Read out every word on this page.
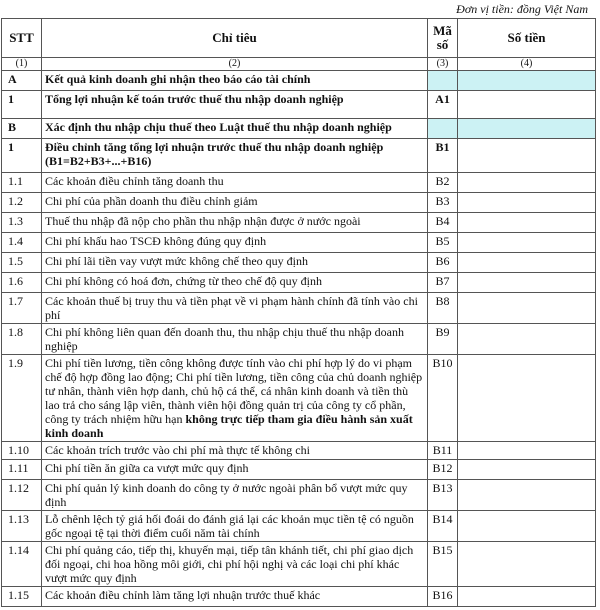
Đơn vị tiền: đồng Việt Nam
STT	Chỉ tiêu	Mã số	Số tiền
(1)	(2)	(3)	(4)
A	Kết quả kinh doanh ghi nhận theo báo cáo tài chính		
1	Tổng lợi nhuận kế toán trước thuế thu nhập doanh nghiệp	A1	
B	Xác định thu nhập chịu thuế theo Luật thuế thu nhập doanh nghiệp		
1	Điều chỉnh tăng tổng lợi nhuận trước thuế thu nhập doanh nghiệp (B1=B2+B3+...+B16)	B1	
1.1	Các khoản điều chỉnh tăng doanh thu	B2	
1.2	Chi phí của phần doanh thu điều chỉnh giảm	B3	
1.3	Thuế thu nhập đã nộp cho phần thu nhập nhận được ở nước ngoài	B4	
1.4	Chi phí khấu hao TSCĐ không đúng quy định	B5	
1.5	Chi phí lãi tiền vay vượt mức không chế theo quy định	B6	
1.6	Chi phí không có hoá đơn, chứng từ theo chế độ quy định	B7	
1.7	Các khoản thuế bị truy thu và tiền phạt về vi phạm hành chính đã tính vào chi phí	B8	
1.8	Chi phí không liên quan đến doanh thu, thu nhập chịu thuế thu nhập doanh nghiệp	B9	
1.9	Chi phí tiền lương, tiền công không được tính vào chi phí hợp lý do vi phạm chế độ hợp đồng lao động; Chi phí tiền lương, tiền công của chủ doanh nghiệp tư nhân, thành viên hợp danh, chủ hộ cá thể, cá nhân kinh doanh và tiền thù lao trả cho sáng lập viên, thành viên hội đồng quản trị của công ty cổ phần, công ty trách nhiệm hữu hạn không trực tiếp tham gia điều hành sản xuất kinh doanh	B10	
1.10	Các khoản trích trước vào chi phí mà thực tế không chi	B11	
1.11	Chi phí tiền ăn giữa ca vượt mức quy định	B12	
1.12	Chi phí quản lý kinh doanh do công ty ở nước ngoài phân bổ vượt mức quy định	B13	
1.13	Lỗ chênh lệch tỷ giá hối đoái do đánh giá lại các khoản mục tiền tệ có nguồn gốc ngoại tệ tại thời điểm cuối năm tài chính	B14	
1.14	Chi phí quảng cáo, tiếp thị, khuyến mại, tiếp tân khánh tiết, chi phí giao dịch đối ngoại, chi hoa hồng môi giới, chi phí hội nghị và các loại chi phí khác vượt mức quy định	B15	
1.15	Các khoản điều chỉnh làm tăng lợi nhuận trước thuế khác	B16	
